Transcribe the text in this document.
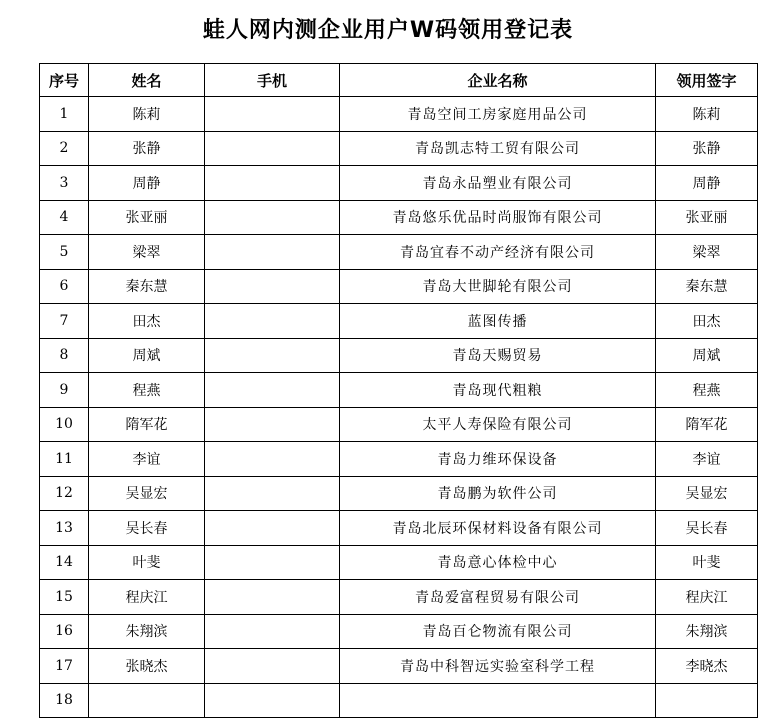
蛙人网内测企业用户W码领用登记表
序号	姓名	手机	企业名称	领用签字
1	陈莉		青岛空间工房家庭用品公司	陈莉
2	张静		青岛凯志特工贸有限公司	张静
3	周静		青岛永品塑业有限公司	周静
4	张亚丽		青岛悠乐优品时尚服饰有限公司	张亚丽
5	梁翠		青岛宜春不动产经济有限公司	梁翠
6	秦东慧		青岛大世脚轮有限公司	秦东慧
7	田杰		蓝图传播	田杰
8	周斌		青岛天赐贸易	周斌
9	程燕		青岛现代粗粮	程燕
10	隋军花		太平人寿保险有限公司	隋军花
11	李谊		青岛力维环保设备	李谊
12	吴显宏		青岛鹏为软件公司	吴显宏
13	吴长春		青岛北辰环保材料设备有限公司	吴长春
14	叶斐		青岛意心体检中心	叶斐
15	程庆江		青岛爱富程贸易有限公司	程庆江
16	朱翔滨		青岛百仑物流有限公司	朱翔滨
17	张晓杰		青岛中科智远实验室科学工程	李晓杰
18				
